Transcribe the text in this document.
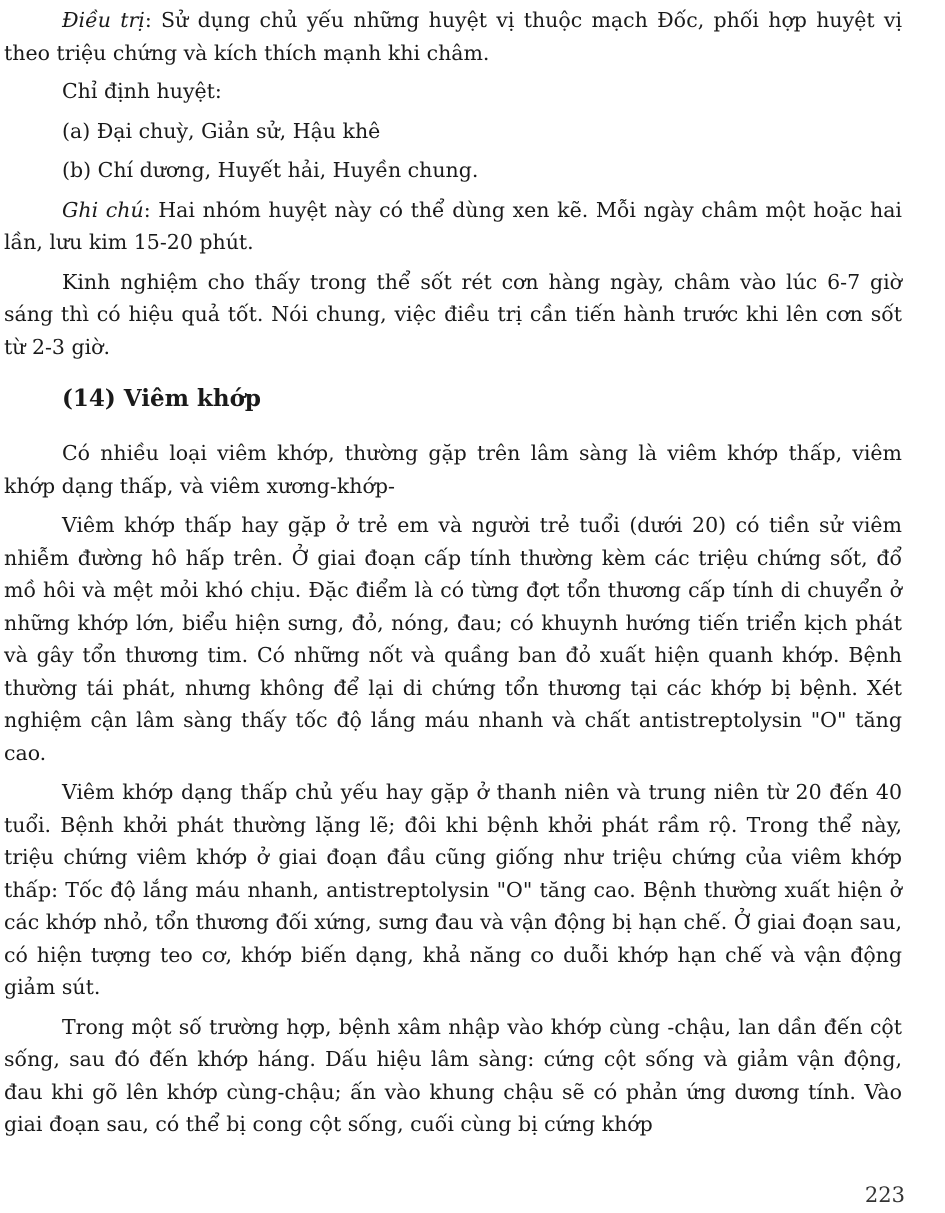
Điều trị: Sử dụng chủ yếu những huyệt vị thuộc mạch Đốc, phối hợp huyệt vị theo triệu chứng và kích thích mạnh khi châm.

Chỉ định huyệt:

(a) Đại chuỳ, Giản sử, Hậu khê

(b) Chí dương, Huyết hải, Huyền chung.

Ghi chú: Hai nhóm huyệt này có thể dùng xen kẽ. Mỗi ngày châm một hoặc hai lần, lưu kim 15-20 phút.

Kinh nghiệm cho thấy trong thể sốt rét cơn hàng ngày, châm vào lúc 6-7 giờ sáng thì có hiệu quả tốt. Nói chung, việc điều trị cần tiến hành trước khi lên cơn sốt từ 2-3 giờ.

(14) Viêm khớp

Có nhiều loại viêm khớp, thường gặp trên lâm sàng là viêm khớp thấp, viêm khớp dạng thấp, và viêm xương-khớp-

Viêm khớp thấp hay gặp ở trẻ em và người trẻ tuổi (dưới 20) có tiền sử viêm nhiễm đường hô hấp trên. Ở giai đoạn cấp tính thường kèm các triệu chứng sốt, đổ mồ hôi và mệt mỏi khó chịu. Đặc điểm là có từng đợt tổn thương cấp tính di chuyển ở những khớp lớn, biểu hiện sưng, đỏ, nóng, đau; có khuynh hướng tiến triển kịch phát và gây tổn thương tim. Có những nốt và quầng ban đỏ xuất hiện quanh khớp. Bệnh thường tái phát, nhưng không để lại di chứng tổn thương tại các khớp bị bệnh. Xét nghiệm cận lâm sàng thấy tốc độ lắng máu nhanh và chất antistreptolysin "O" tăng cao.

Viêm khớp dạng thấp chủ yếu hay gặp ở thanh niên và trung niên từ 20 đến 40 tuổi. Bệnh khởi phát thường lặng lẽ; đôi khi bệnh khởi phát rầm rộ. Trong thể này, triệu chứng viêm khớp ở giai đoạn đầu cũng giống như triệu chứng của viêm khớp thấp: Tốc độ lắng máu nhanh, antistreptolysin "O" tăng cao. Bệnh thường xuất hiện ở các khớp nhỏ, tổn thương đối xứng, sưng đau và vận động bị hạn chế. Ở giai đoạn sau, có hiện tượng teo cơ, khớp biến dạng, khả năng co duỗi khớp hạn chế và vận động giảm sút.

Trong một số trường hợp, bệnh xâm nhập vào khớp cùng -chậu, lan dần đến cột sống, sau đó đến khớp háng. Dấu hiệu lâm sàng: cứng cột sống và giảm vận động, đau khi gõ lên khớp cùng-chậu; ấn vào khung chậu sẽ có phản ứng dương tính. Vào giai đoạn sau, có thể bị cong cột sống, cuối cùng bị cứng khớp

223
